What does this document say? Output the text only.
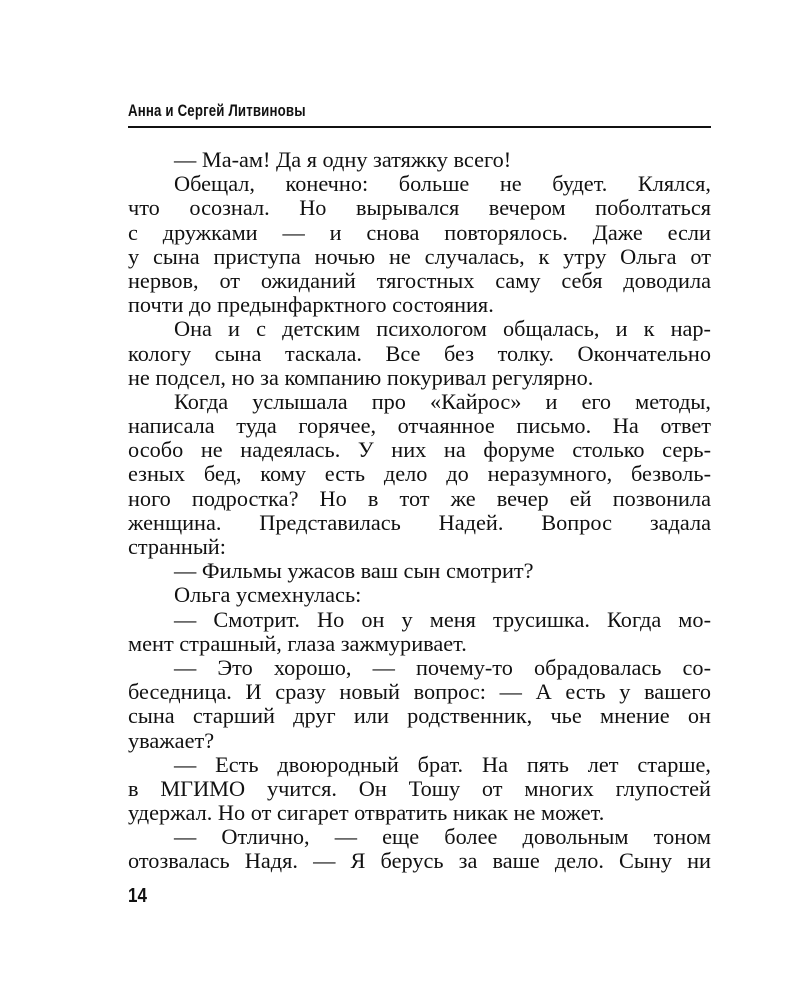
Анна и Сергей Литвиновы
— Ма-ам! Да я одну затяжку всего!
Обещал, конечно: больше не будет. Клялся,
что осознал. Но вырывался вечером поболтаться
с дружками — и снова повторялось. Даже если
у сына приступа ночью не случалась, к утру Ольга от
нервов, от ожиданий тягостных саму себя доводила
почти до предынфарктного состояния.
Она и с детским психологом общалась, и к нар-
кологу сына таскала. Все без толку. Окончательно
не подсел, но за компанию покуривал регулярно.
Когда услышала про «Кайрос» и его методы,
написала туда горячее, отчаянное письмо. На ответ
особо не надеялась. У них на форуме столько серь-
езных бед, кому есть дело до неразумного, безволь-
ного подростка? Но в тот же вечер ей позвонила
женщина. Представилась Надей. Вопрос задала
странный:
— Фильмы ужасов ваш сын смотрит?
Ольга усмехнулась:
— Смотрит. Но он у меня трусишка. Когда мо-
мент страшный, глаза зажмуривает.
— Это хорошо, — почему-то обрадовалась со-
беседница. И сразу новый вопрос: — А есть у вашего
сына старший друг или родственник, чье мнение он
уважает?
— Есть двоюродный брат. На пять лет старше,
в МГИМО учится. Он Тошу от многих глупостей
удержал. Но от сигарет отвратить никак не может.
— Отлично, — еще более довольным тоном
отозвалась Надя. — Я берусь за ваше дело. Сыну ни
14
